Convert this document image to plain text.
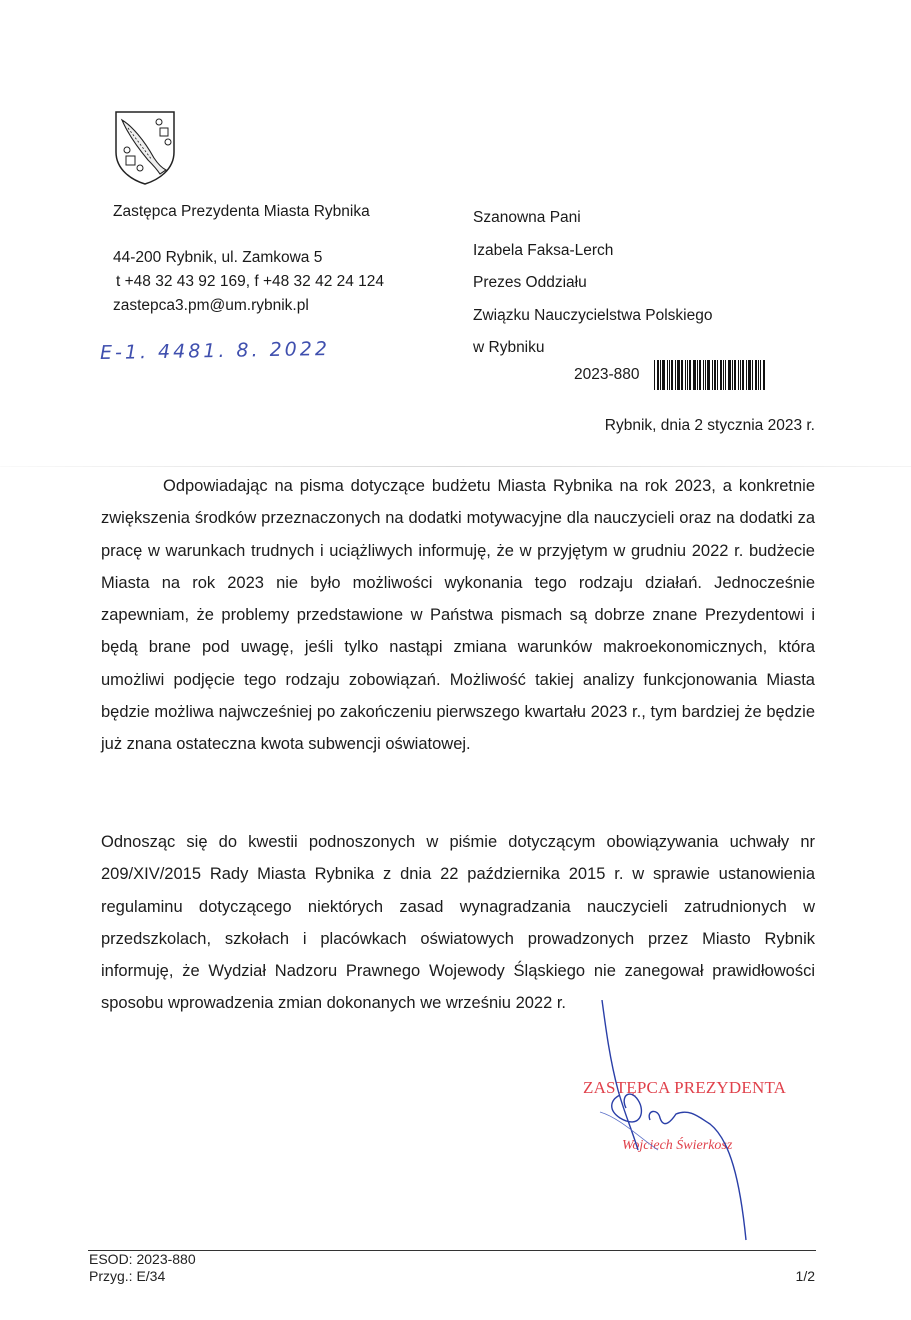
Zastępca Prezydenta Miasta Rybnika
44-200 Rybnik, ul. Zamkowa 5
t +48 32 43 92 169, f +48 32 42 24 124
zastepca3.pm@um.rybnik.pl
E-1. 4481. 8. 2022
Szanowna Pani
Izabela Faksa-Lerch
Prezes Oddziału
Związku Nauczycielstwa Polskiego
w Rybniku
2023-880
Rybnik, dnia 2 stycznia 2023 r.

Odpowiadając na pisma dotyczące budżetu Miasta Rybnika na rok 2023, a konkretnie zwiększenia środków przeznaczonych na dodatki motywacyjne dla nauczycieli oraz na dodatki za pracę w warunkach trudnych i uciążliwych informuję, że w przyjętym w grudniu 2022 r. budżecie Miasta na rok 2023 nie było możliwości wykonania tego rodzaju działań. Jednocześnie zapewniam, że problemy przedstawione w Państwa pismach są dobrze znane Prezydentowi i będą brane pod uwagę, jeśli tylko nastąpi zmiana warunków makroekonomicznych, która umożliwi podjęcie tego rodzaju zobowiązań. Możliwość takiej analizy funkcjonowania Miasta będzie możliwa najwcześniej po zakończeniu pierwszego kwartału 2023 r., tym bardziej że będzie już znana ostateczna kwota subwencji oświatowej.

Odnosząc się do kwestii podnoszonych w piśmie dotyczącym obowiązywania uchwały nr 209/XIV/2015 Rady Miasta Rybnika z dnia 22 października 2015 r. w sprawie ustanowienia regulaminu dotyczącego niektórych zasad wynagradzania nauczycieli zatrudnionych w przedszkolach, szkołach i placówkach oświatowych prowadzonych przez Miasto Rybnik informuję, że Wydział Nadzoru Prawnego Wojewody Śląskiego nie zanegował prawidłowości sposobu wprowadzenia zmian dokonanych we wrześniu 2022 r.

ZASTĘPCA PREZYDENTA
Wojciech Świerkosz
ESOD: 2023-880
Przyg.: E/34	1/2
